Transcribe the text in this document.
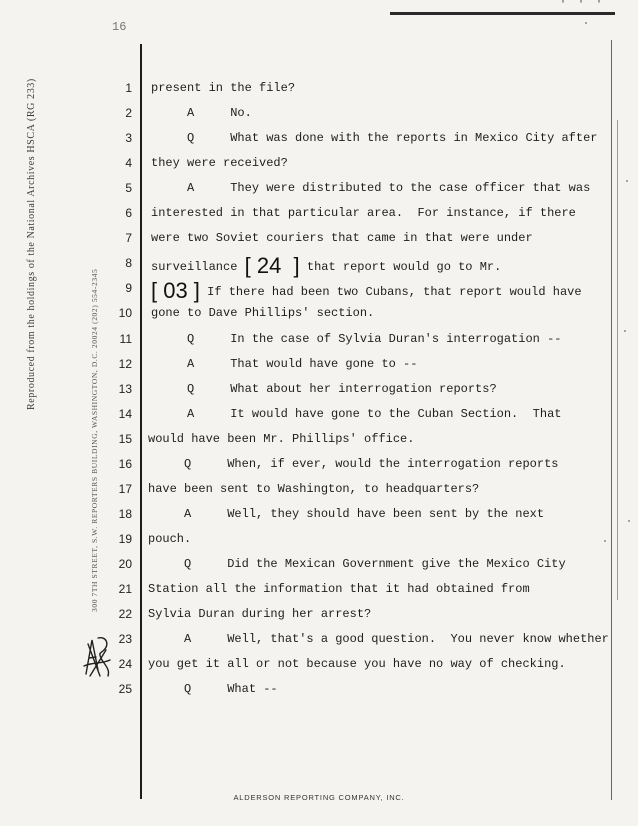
' ' '
16
Reproduced from the holdings of the National Archives HSCA (RG 233)
300 7TH STREET, S.W. REPORTERS BUILDING, WASHINGTON, D.C. 20024 (202) 554-2345
1 present in the file?
2 A     No.
3 Q     What was done with the reports in Mexico City after
4 they were received?
5 A     They were distributed to the case officer that was
6 interested in that particular area.  For instance, if there
7 were two Soviet couriers that came in that were under
8 surveillance [ 24  ] that report would go to Mr.
9 [ 03 ] If there had been two Cubans, that report would have
10 gone to Dave Phillips' section.
11 Q     In the case of Sylvia Duran's interrogation --
12 A     That would have gone to --
13 Q     What about her interrogation reports?
14 A     It would have gone to the Cuban Section.  That
15 would have been Mr. Phillips' office.
16 Q     When, if ever, would the interrogation reports
17 have been sent to Washington, to headquarters?
18 A     Well, they should have been sent by the next
19 pouch.
20 Q     Did the Mexican Government give the Mexico City
21 Station all the information that it had obtained from
22 Sylvia Duran during her arrest?
23 A     Well, that's a good question.  You never know whether
24 you get it all or not because you have no way of checking.
25 Q     What --
ALDERSON REPORTING COMPANY, INC.
